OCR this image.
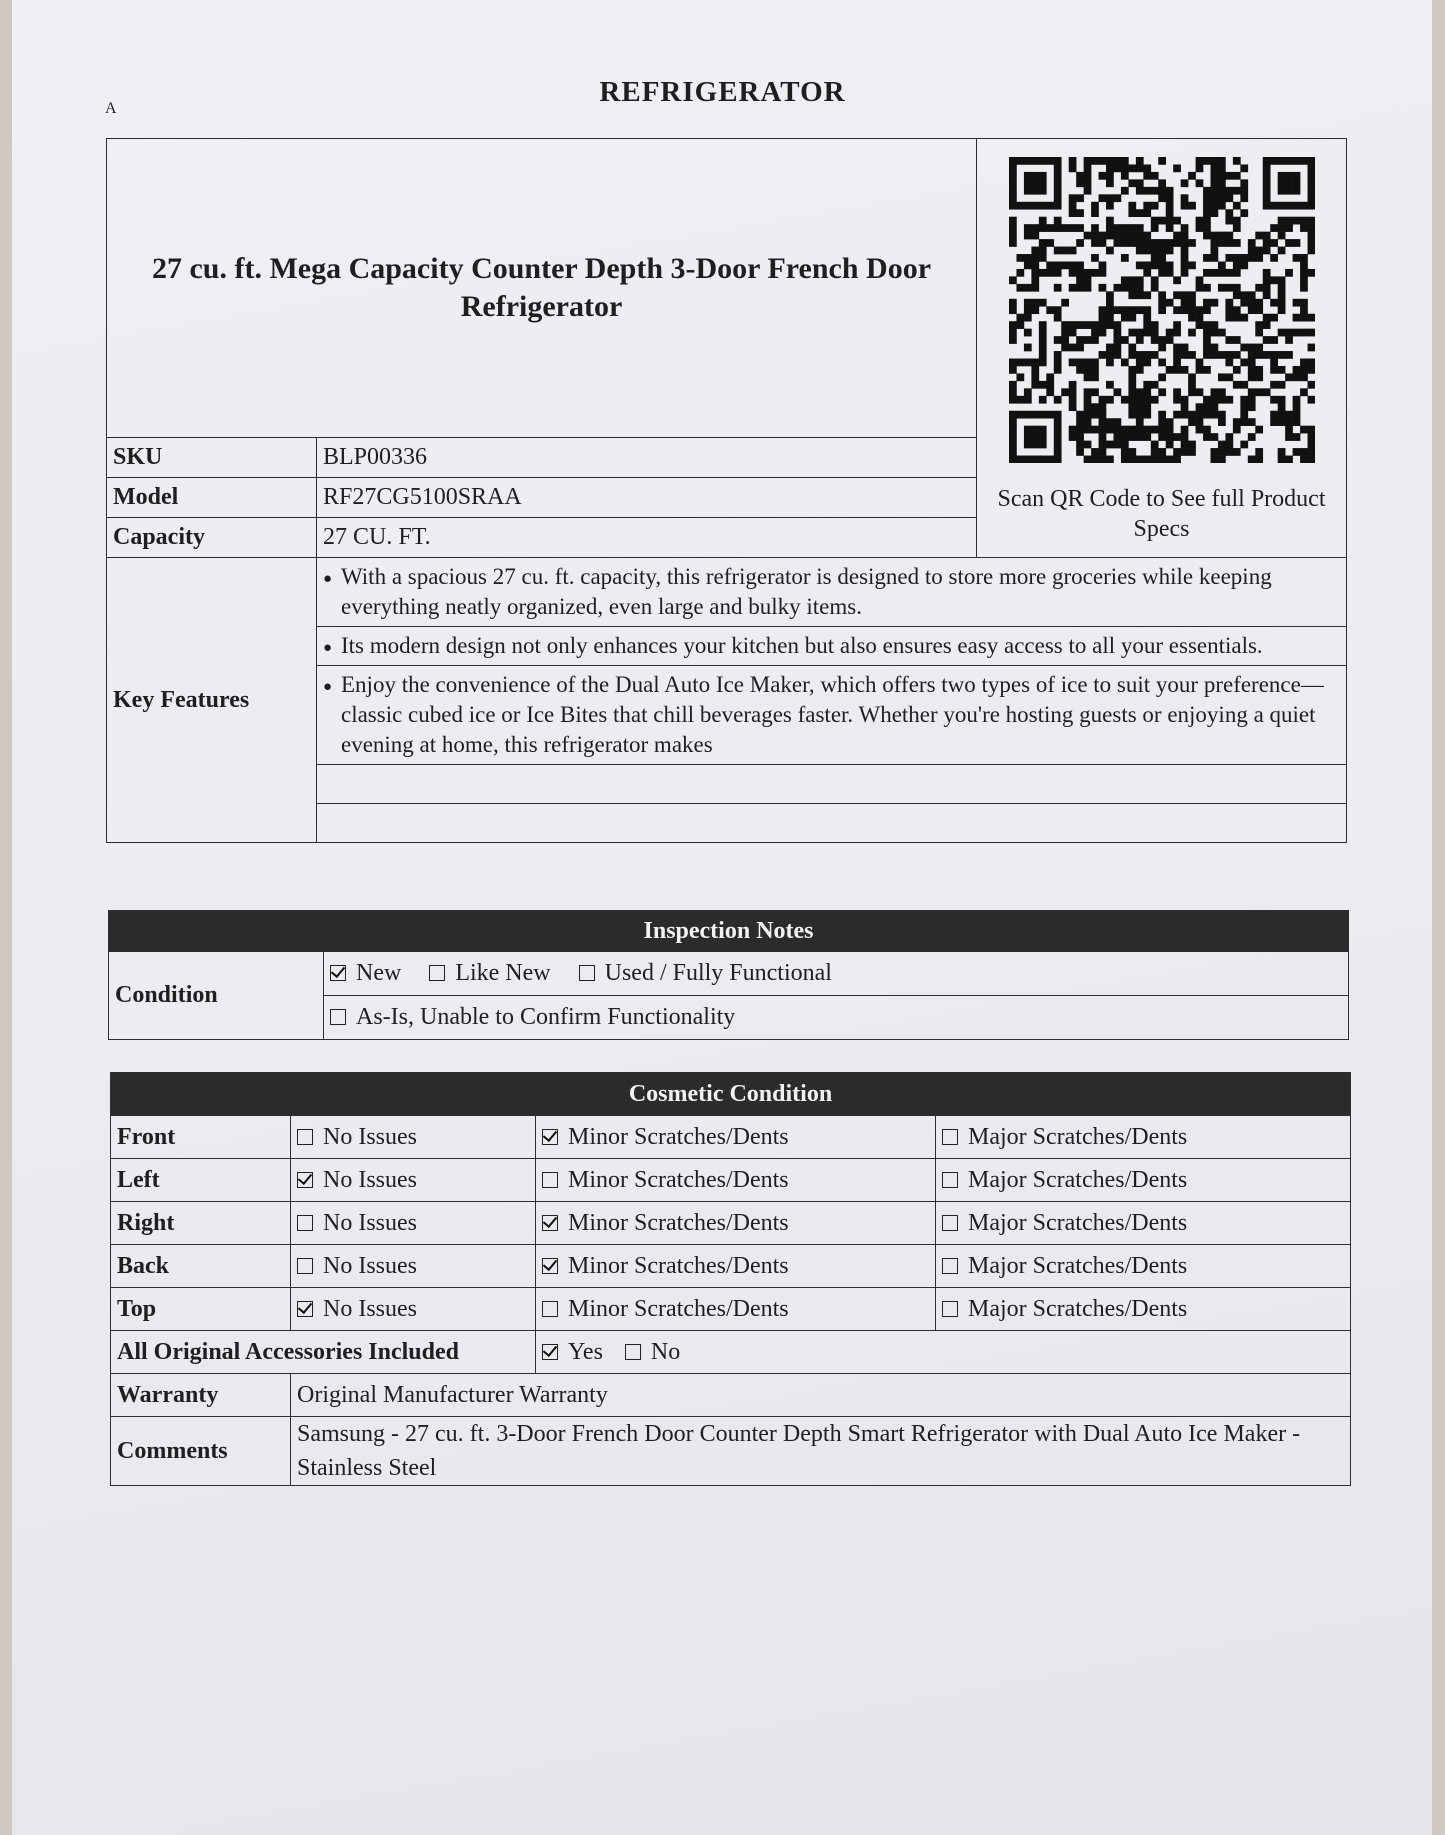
A
REFRIGERATOR
27 cu. ft. Mega Capacity Counter Depth 3-Door French Door Refrigerator		Scan QR Code to See full Product Specs

SKU	BLP00336	
Model	RF27CG5100SRAA	
Capacity	27 CU. FT.	
Key Features	● With a spacious 27 cu. ft. capacity, this refrigerator is designed to store more groceries while keeping everything neatly organized, even large and bulky items.
	● Its modern design not only enhances your kitchen but also ensures easy access to all your essentials.
	● Enjoy the convenience of the Dual Auto Ice Maker, which offers two types of ice to suit your preference—classic cubed ice or Ice Bites that chill beverages faster. Whether you're hosting guests or enjoying a quiet evening at home, this refrigerator makes

Inspection Notes
Condition	New Like New Used / Fully Functional
As-Is, Unable to Confirm Functionality
Cosmetic Condition			
Front	No Issues	Minor Scratches/Dents	Major Scratches/Dents
Left	No Issues	Minor Scratches/Dents	Major Scratches/Dents
Right	No Issues	Minor Scratches/Dents	Major Scratches/Dents
Back	No Issues	Minor Scratches/Dents	Major Scratches/Dents
Top	No Issues	Minor Scratches/Dents	Major Scratches/Dents
All Original Accessories Included		Yes No	
Warranty	Original Manufacturer Warranty		
Comments	Samsung - 27 cu. ft. 3-Door French Door Counter Depth Smart Refrigerator with Dual Auto Ice Maker - Stainless Steel		
